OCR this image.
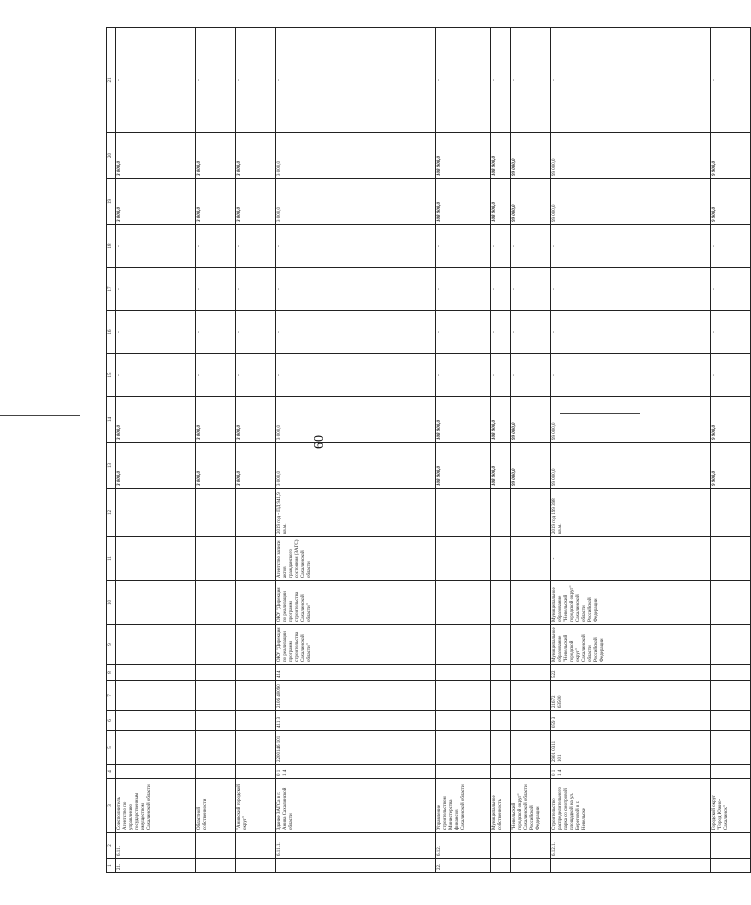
60
1	2	3	4	5	6	7	8	9	10	11	12	13	14	15	16	17	18	19	20	21
21.	6.11.	Соисполнитель Агентство по управлению государственным имуществом Сахалинской области										3 000,0	3 000,0	-	-	-	-	3 000,0	3 000,0	-
		Областной собственности										3 000,0	3 000,0	-	-	-	-	3 000,0	3 000,0	-
		"Анивский городской округ"										3 000,0	3 000,0	-	-	-	-	3 000,0	3 000,0	-
	6.11.1.	Здание ЗАГСа в г. Анива Сахалинской области	0 1 1 4	2200146 101	411 3	2106 40090	414	ОКУ "Дирекция по реализации программ строительства Сахалинской области"	ОКУ "Дирекция по реализации программ строительства Сахалинской области"	Агентство записи актов гражданского состояния (ЗАГС) Сахалинской области	2019 год - ПД 941,9 кв.м.	3 000,0	3 000,0	-	-	-	-	3 000,0	3 000,0	-
22.	6.12.	Управление строительством Министерства финансов Сахалинской области										108 900,0	108 900,0	-	-	-	-	108 900,0	108 900,0	-
		Муниципальное собственность										108 900,0	108 900,0	-	-	-	-	108 900,0	108 900,0	-
		"Невельский городской округ" Сахалинской области Российской Федерации										99 000,0	99 000,0	-	-	-	-	99 000,0	99 000,0	-
	6.12.1.	Строительство распределительного парка со смотровой площадкой на ул. Береговой в г. Невельске	0 1 1 4	2901 0311 101	059 3	21672 63500	522	Муниципальное образование "Невельский городской округ" Сахалинской области Российской Федерации	Муниципальное образование "Невельский городской округ" Сахалинской области Российской Федерации	-	2019 год 199 398 кв.м.	99 000,0	99 000,0	-	-	-	-	99 000,0	99 000,0	-
		Городской округ "Город Южно-Сахалинск"										9 900,0	9 900,0	-	-	-	-	9 900,0	9 900,0	-
